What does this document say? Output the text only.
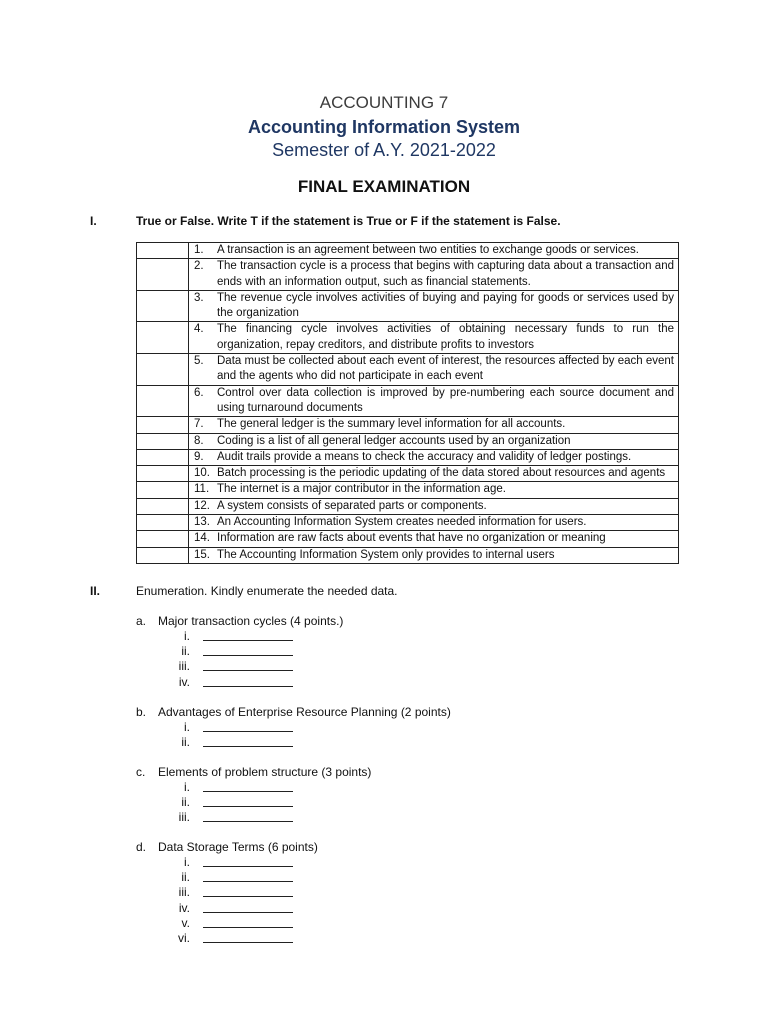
ACCOUNTING 7
Accounting Information System
Semester of A.Y. 2021-2022
FINAL EXAMINATION
I.	True or False. Write T if the statement is True or F if the statement is False.

	1. A transaction is an agreement between two entities to exchange goods or services.

	2. The transaction cycle is a process that begins with capturing data about a transaction and ends with an information output, such as financial statements.

	3. The revenue cycle involves activities of buying and paying for goods or services used by the organization

	4. The financing cycle involves activities of obtaining necessary funds to run the organization, repay creditors, and distribute profits to investors

	5. Data must be collected about each event of interest, the resources affected by each event and the agents who did not participate in each event

	6. Control over data collection is improved by pre-numbering each source document and using turnaround documents

	7. The general ledger is the summary level information for all accounts.

	8. Coding is a list of all general ledger accounts used by an organization

	9. Audit trails provide a means to check the accuracy and validity of ledger postings.

	10. Batch processing is the periodic updating of the data stored about resources and agents

	11. The internet is a major contributor in the information age.

	12. A system consists of separated parts or components.

	13. An Accounting Information System creates needed information for users.

	14. Information are raw facts about events that have no organization or meaning

	15. The Accounting Information System only provides to internal users
II.	Enumeration. Kindly enumerate the needed data.
a. Major transaction cycles (4 points.)
i.
ii.
iii.
iv.
b. Advantages of Enterprise Resource Planning (2 points)
i.
ii.
c. Elements of problem structure (3 points)
i.
ii.
iii.
d. Data Storage Terms (6 points)
i.
ii.
iii.
iv.
v.
vi.
